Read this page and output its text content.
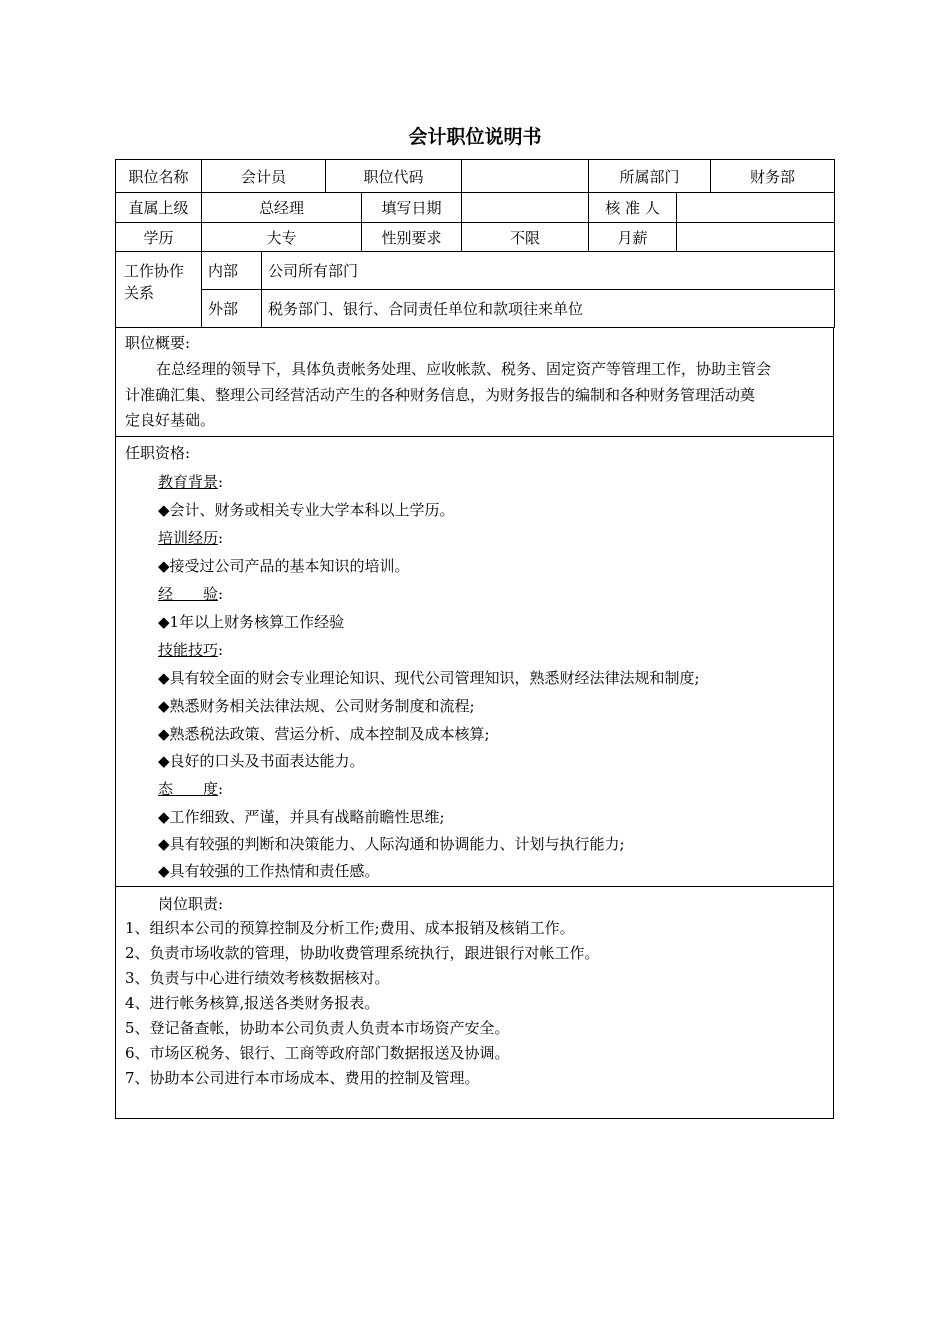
会计职位说明书
职位名称	会计员	职位代码		所属部门	财务部
直属上级	总经理	填写日期		核 准 人	
学历	大专	性别要求	不限	月薪	
工作协作关系	内部	公司所有部门
	外部	税务部门、银行、合同责任单位和款项往来单位
职位概要:
在总经理的领导下，具体负责帐务处理、应收帐款、税务、固定资产等管理工作，协助主管会
计准确汇集、整理公司经营活动产生的各种财务信息，为财务报告的编制和各种财务管理活动奠
定良好基础。
任职资格:
教育背景:
◆会计、财务或相关专业大学本科以上学历。
培训经历:
◆接受过公司产品的基本知识的培训。
经　　验:
◆1年以上财务核算工作经验
技能技巧:
◆具有较全面的财会专业理论知识、现代公司管理知识，熟悉财经法律法规和制度;
◆熟悉财务相关法律法规、公司财务制度和流程;
◆熟悉税法政策、营运分析、成本控制及成本核算;
◆良好的口头及书面表达能力。
态　　度:
◆工作细致、严谨，并具有战略前瞻性思维;
◆具有较强的判断和决策能力、人际沟通和协调能力、计划与执行能力;
◆具有较强的工作热情和责任感。
岗位职责:
1、组织本公司的预算控制及分析工作;费用、成本报销及核销工作。
2、负责市场收款的管理，协助收费管理系统执行，跟进银行对帐工作。
3、负责与中心进行绩效考核数据核对。
4、进行帐务核算,报送各类财务报表。
5、登记备查帐，协助本公司负责人负责本市场资产安全。
6、市场区税务、银行、工商等政府部门数据报送及协调。
7、协助本公司进行本市场成本、费用的控制及管理。
